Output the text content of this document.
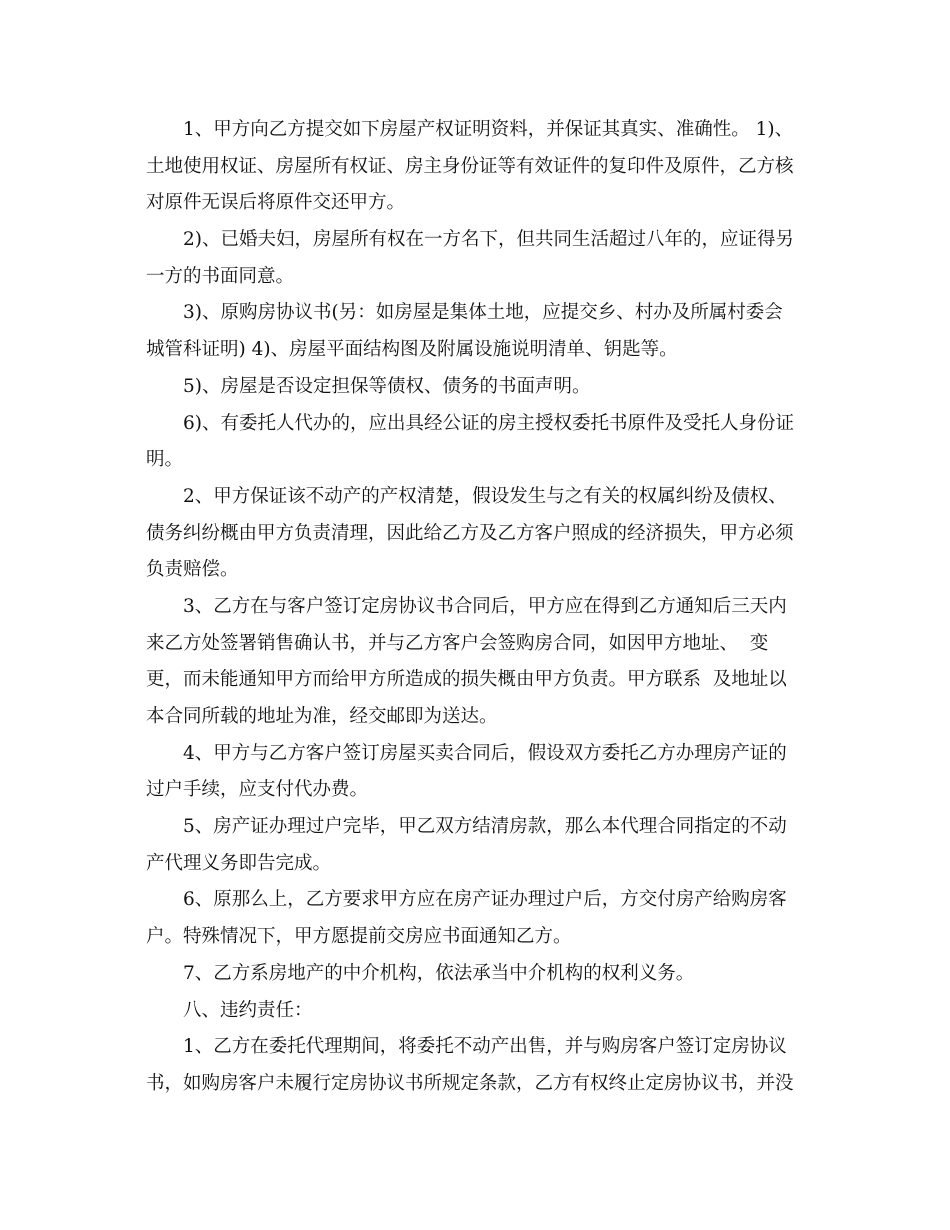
1、甲方向乙方提交如下房屋产权证明资料，并保证其真实、准确性。 1)、
土地使用权证、房屋所有权证、房主身份证等有效证件的复印件及原件，乙方核
对原件无误后将原件交还甲方。
2)、已婚夫妇，房屋所有权在一方名下，但共同生活超过八年的，应证得另
一方的书面同意。
3)、原购房协议书(另：如房屋是集体土地，应提交乡、村办及所属村委会
城管科证明) 4)、房屋平面结构图及附属设施说明清单、钥匙等。
5)、房屋是否设定担保等债权、债务的书面声明。
6)、有委托人代办的，应出具经公证的房主授权委托书原件及受托人身份证
明。
2、甲方保证该不动产的产权清楚，假设发生与之有关的权属纠纷及债权、
债务纠纷概由甲方负责清理，因此给乙方及乙方客户照成的经济损失，甲方必须
负责赔偿。
3、乙方在与客户签订定房协议书合同后，甲方应在得到乙方通知后三天内
来乙方处签署销售确认书，并与乙方客户会签购房合同，如因甲方地址、  变
更，而未能通知甲方而给甲方所造成的损失概由甲方负责。甲方联系  及地址以
本合同所载的地址为准，经交邮即为送达。
4、甲方与乙方客户签订房屋买卖合同后，假设双方委托乙方办理房产证的
过户手续，应支付代办费。
5、房产证办理过户完毕，甲乙双方结清房款，那么本代理合同指定的不动
产代理义务即告完成。
6、原那么上，乙方要求甲方应在房产证办理过户后，方交付房产给购房客
户。特殊情况下，甲方愿提前交房应书面通知乙方。
7、乙方系房地产的中介机构，依法承当中介机构的权利义务。
八、违约责任：
1、乙方在委托代理期间，将委托不动产出售，并与购房客户签订定房协议
书，如购房客户未履行定房协议书所规定条款，乙方有权终止定房协议书，并没
